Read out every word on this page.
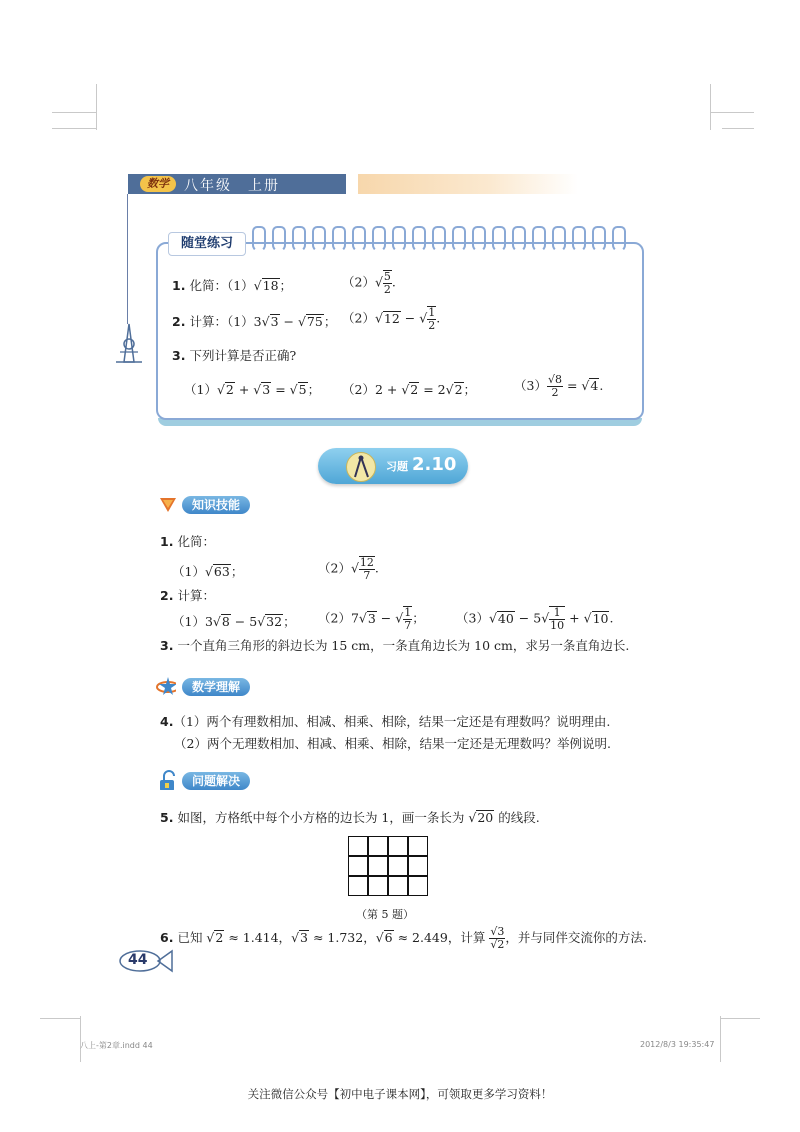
数学	八年级　上册
随堂练习
1. 化简：（1）√18；	$(2)√ \frac{5}{2}$ .
2. 计算：（1）3√3 − √75； （2）√12 − √ $\frac{1}{2}$ .
3. 下列计算是否正确?
（1）√2 + √3 = √5； （2）2 + √2 = 2√2；	$(3) \frac{√8}{2} = √4$.
习题 2.10
知识技能
1. 化简：
（1）√63；	$(2)√ \frac{12}{7}$ .
2. 计算：
（1）3√8 − 5√32； （2）7√3 − √ $\frac{1}{7}$ ；	$(3)√40 - 5√ \frac{1}{10} + √10$.
3. 一个直角三角形的斜边长为 15 cm，一条直角边长为 10 cm，求另一条直角边长.
数学理解
4.（1）两个有理数相加、相减、相乘、相除，结果一定还是有理数吗？说明理由.
（2）两个无理数相加、相减、相乘、相除，结果一定还是无理数吗？举例说明.
问题解决
5. 如图，方格纸中每个小方格的边长为 1，画一条长为 √20 的线段.
（第 5 题）
6. 已知 √2 ≈ 1.414，√3 ≈ 1.732，√6 ≈ 2.449，计算 $\frac{√3}{√2}$ ，并与同伴交流你的方法.
44
八上-第2章.indd 44	2012/8/3 19:35:47
关注微信公众号【初中电子课本网】，可领取更多学习资料！
